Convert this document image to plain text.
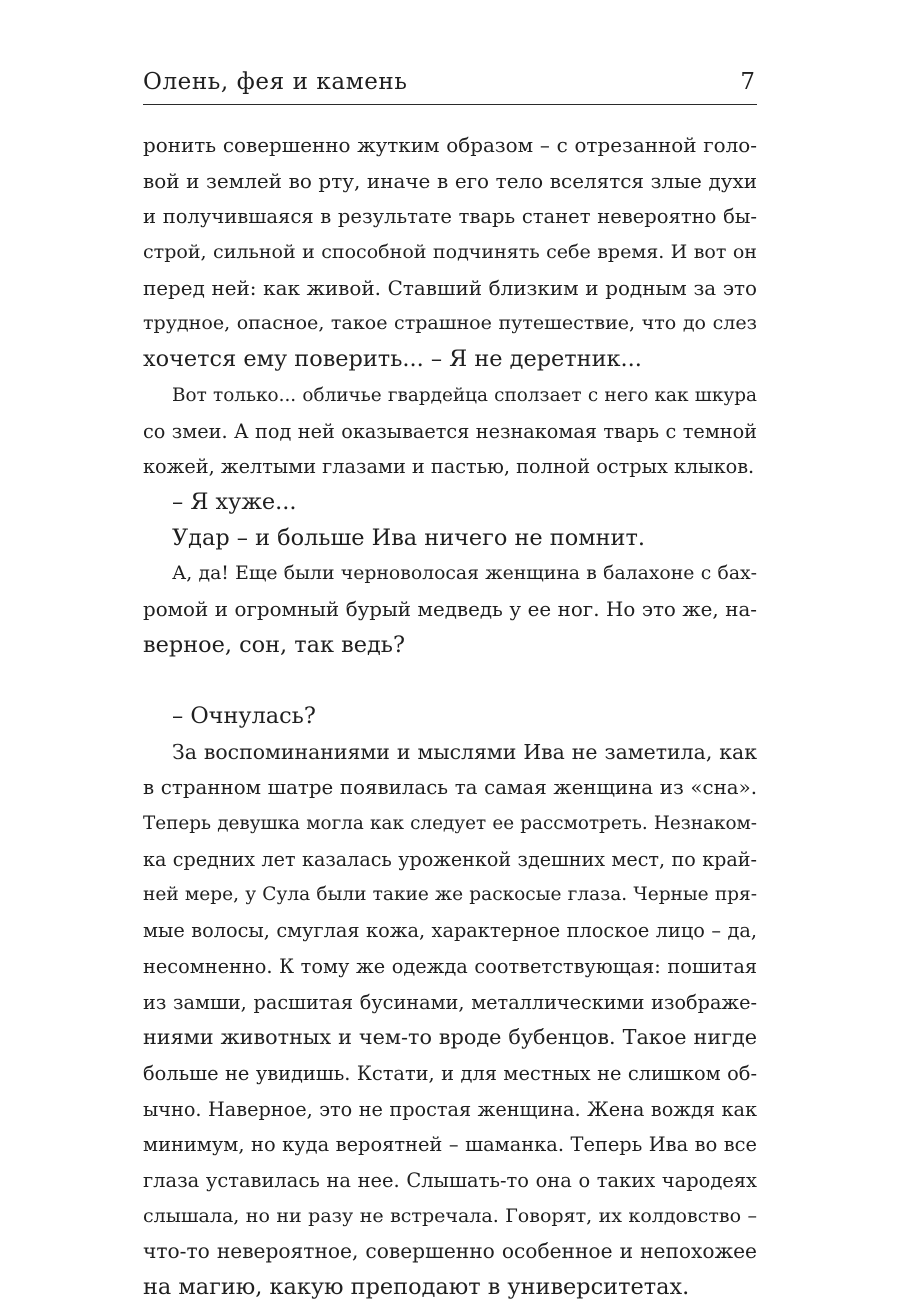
Олень, фея и камень	7
ронить совершенно жутким образом – с отрезанной голо-
вой и землей во рту, иначе в его тело вселятся злые духи
и получившаяся в результате тварь станет невероятно бы-
строй, сильной и способной подчинять себе время. И вот он
перед ней: как живой. Ставший близким и родным за это
трудное, опасное, такое страшное путешествие, что до слез
хочется ему поверить... – Я не деретник...
Вот только... обличье гвардейца сползает с него как шкура
со змеи. А под ней оказывается незнакомая тварь с темной
кожей, желтыми глазами и пастью, полной острых клыков.
– Я хуже...
Удар – и больше Ива ничего не помнит.
А, да! Еще были черноволосая женщина в балахоне с бах-
ромой и огромный бурый медведь у ее ног. Но это же, на-
верное, сон, так ведь?
– Очнулась?
За воспоминаниями и мыслями Ива не заметила, как
в странном шатре появилась та самая женщина из «сна».
Теперь девушка могла как следует ее рассмотреть. Незнаком-
ка средних лет казалась уроженкой здешних мест, по край-
ней мере, у Сула были такие же раскосые глаза. Черные пря-
мые волосы, смуглая кожа, характерное плоское лицо – да,
несомненно. К тому же одежда соответствующая: пошитая
из замши, расшитая бусинами, металлическими изображе-
ниями животных и чем-то вроде бубенцов. Такое нигде
больше не увидишь. Кстати, и для местных не слишком об-
ычно. Наверное, это не простая женщина. Жена вождя как
минимум, но куда вероятней – шаманка. Теперь Ива во все
глаза уставилась на нее. Слышать-то она о таких чародеях
слышала, но ни разу не встречала. Говорят, их колдовство –
что-то невероятное, совершенно особенное и непохожее
на магию, какую преподают в университетах.
